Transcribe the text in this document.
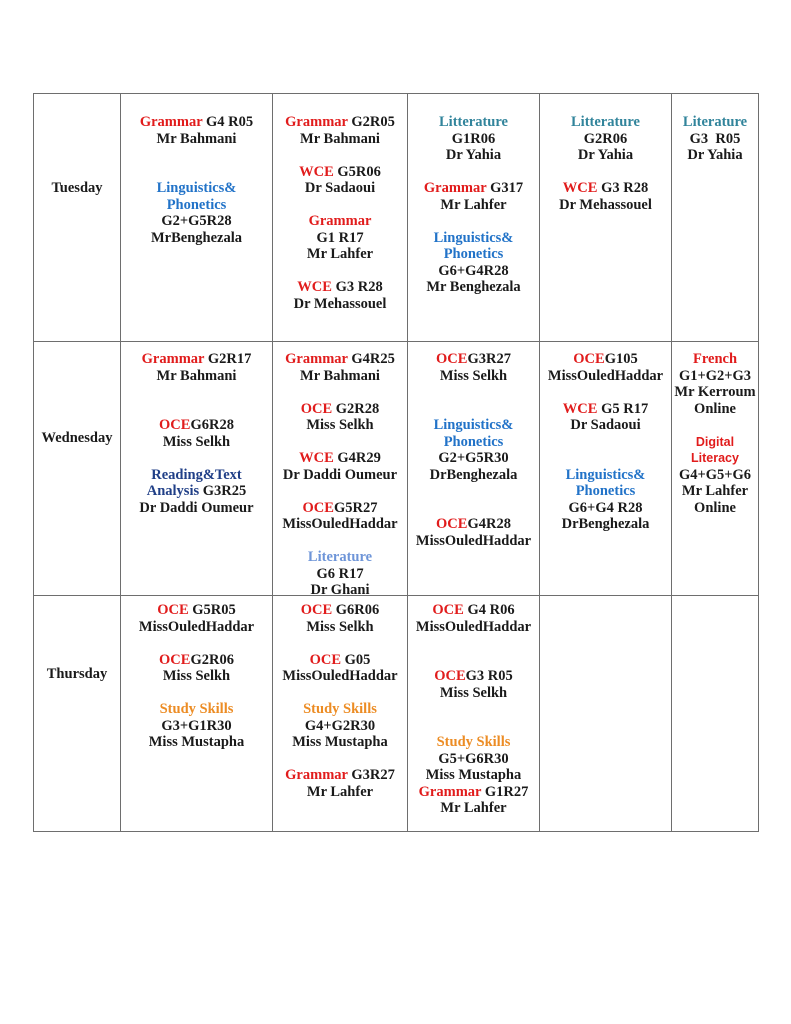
Tuesday
Grammar G4 R05
Mr Bahmani
Linguistics&
Phonetics
G2+G5R28
MrBenghezala
Grammar G2R05
Mr Bahmani
WCE G5R06
Dr Sadaoui
Grammar
G1 R17
Mr Lahfer
WCE G3 R28
Dr Mehassouel
Litterature
G1R06
Dr Yahia
Grammar G317
Mr Lahfer
Linguistics&
Phonetics
G6+G4R28
Mr Benghezala
Litterature
G2R06
Dr Yahia
WCE G3 R28
Dr Mehassouel
Literature
G3  R05
Dr Yahia
Wednesday
Grammar G2R17
Mr Bahmani
OCEG6R28
Miss Selkh
Reading&Text
Analysis G3R25
Dr Daddi Oumeur
Grammar G4R25
Mr Bahmani
OCE G2R28
Miss Selkh
WCE G4R29
Dr Daddi Oumeur
OCEG5R27
MissOuledHaddar
Literature
G6 R17
Dr Ghani
OCEG3R27
Miss Selkh
Linguistics&
Phonetics
G2+G5R30
DrBenghezala
OCEG4R28
MissOuledHaddar
OCEG105
MissOuledHaddar
WCE G5 R17
Dr Sadaoui
Linguistics&
Phonetics
G6+G4 R28
DrBenghezala
French
G1+G2+G3
Mr Kerroum
Online
Digital Literacy
G4+G5+G6
Mr Lahfer
Online
Thursday
OCE G5R05
MissOuledHaddar
OCEG2R06
Miss Selkh
Study Skills
G3+G1R30
Miss Mustapha
OCE G6R06
Miss Selkh
OCE G05
MissOuledHaddar
Study Skills
G4+G2R30
Miss Mustapha
Grammar G3R27
Mr Lahfer
OCE G4 R06
MissOuledHaddar
OCEG3 R05
Miss Selkh
Study Skills
G5+G6R30
Miss Mustapha
Grammar G1R27
Mr Lahfer
